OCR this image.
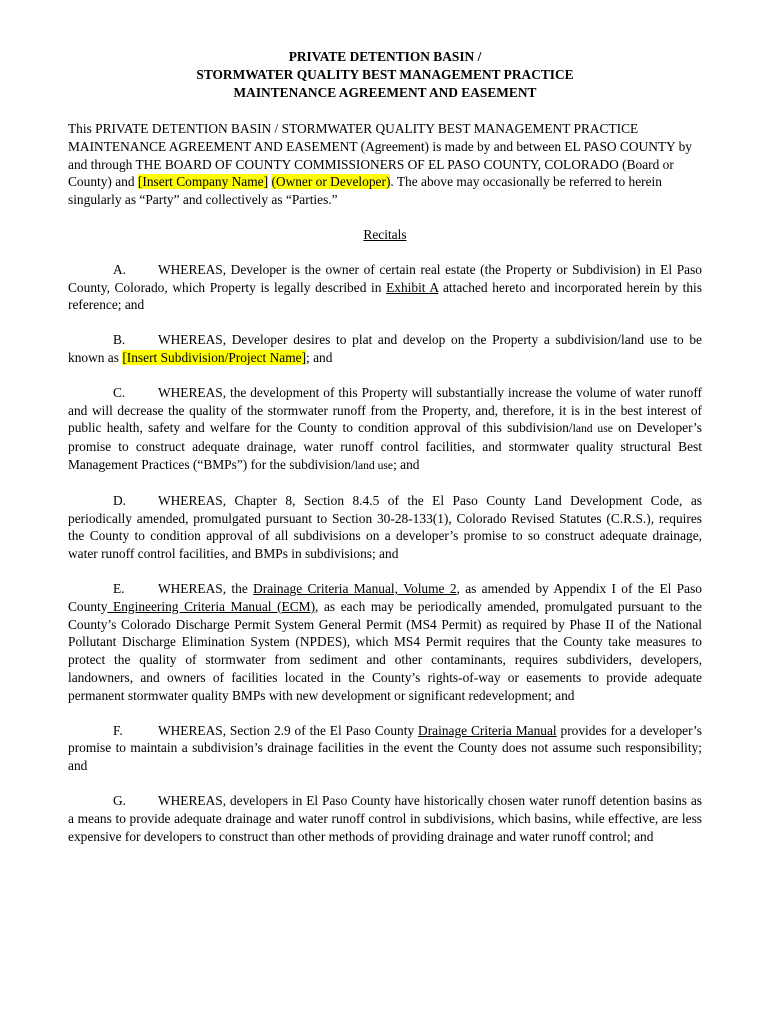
PRIVATE DETENTION BASIN /
STORMWATER QUALITY BEST MANAGEMENT PRACTICE
MAINTENANCE AGREEMENT AND EASEMENT

This PRIVATE DETENTION BASIN / STORMWATER QUALITY BEST MANAGEMENT PRACTICE MAINTENANCE AGREEMENT AND EASEMENT (Agreement) is made by and between EL PASO COUNTY by and through THE BOARD OF COUNTY COMMISSIONERS OF EL PASO COUNTY, COLORADO (Board or County) and [Insert Company Name] (Owner or Developer). The above may occasionally be referred to herein singularly as “Party” and collectively as “Parties.”

Recitals

A. WHEREAS, Developer is the owner of certain real estate (the Property or Subdivision) in El Paso County, Colorado, which Property is legally described in Exhibit A attached hereto and incorporated herein by this reference; and

B. WHEREAS, Developer desires to plat and develop on the Property a subdivision/land use to be known as [Insert Subdivision/Project Name]; and

C. WHEREAS, the development of this Property will substantially increase the volume of water runoff and will decrease the quality of the stormwater runoff from the Property, and, therefore, it is in the best interest of public health, safety and welfare for the County to condition approval of this subdivision/land use on Developer’s promise to construct adequate drainage, water runoff control facilities, and stormwater quality structural Best Management Practices (“BMPs”) for the subdivision/land use; and

D. WHEREAS, Chapter 8, Section 8.4.5 of the El Paso County Land Development Code, as periodically amended, promulgated pursuant to Section 30-28-133(1), Colorado Revised Statutes (C.R.S.), requires the County to condition approval of all subdivisions on a developer’s promise to so construct adequate drainage, water runoff control facilities, and BMPs in subdivisions; and

E. WHEREAS, the Drainage Criteria Manual, Volume 2, as amended by Appendix I of the El Paso County Engineering Criteria Manual (ECM), as each may be periodically amended, promulgated pursuant to the County’s Colorado Discharge Permit System General Permit (MS4 Permit) as required by Phase II of the National Pollutant Discharge Elimination System (NPDES), which MS4 Permit requires that the County take measures to protect the quality of stormwater from sediment and other contaminants, requires subdividers, developers, landowners, and owners of facilities located in the County’s rights-of-way or easements to provide adequate permanent stormwater quality BMPs with new development or significant redevelopment; and

F.	WHEREAS, Section 2.9 of the El Paso County Drainage Criteria Manual provides for a developer’s promise to maintain a subdivision’s drainage facilities in the event the County does not assume such responsibility; and

G. WHEREAS, developers in El Paso County have historically chosen water runoff detention basins as a means to provide adequate drainage and water runoff control in subdivisions, which basins, while effective, are less expensive for developers to construct than other methods of providing drainage and water runoff control; and
